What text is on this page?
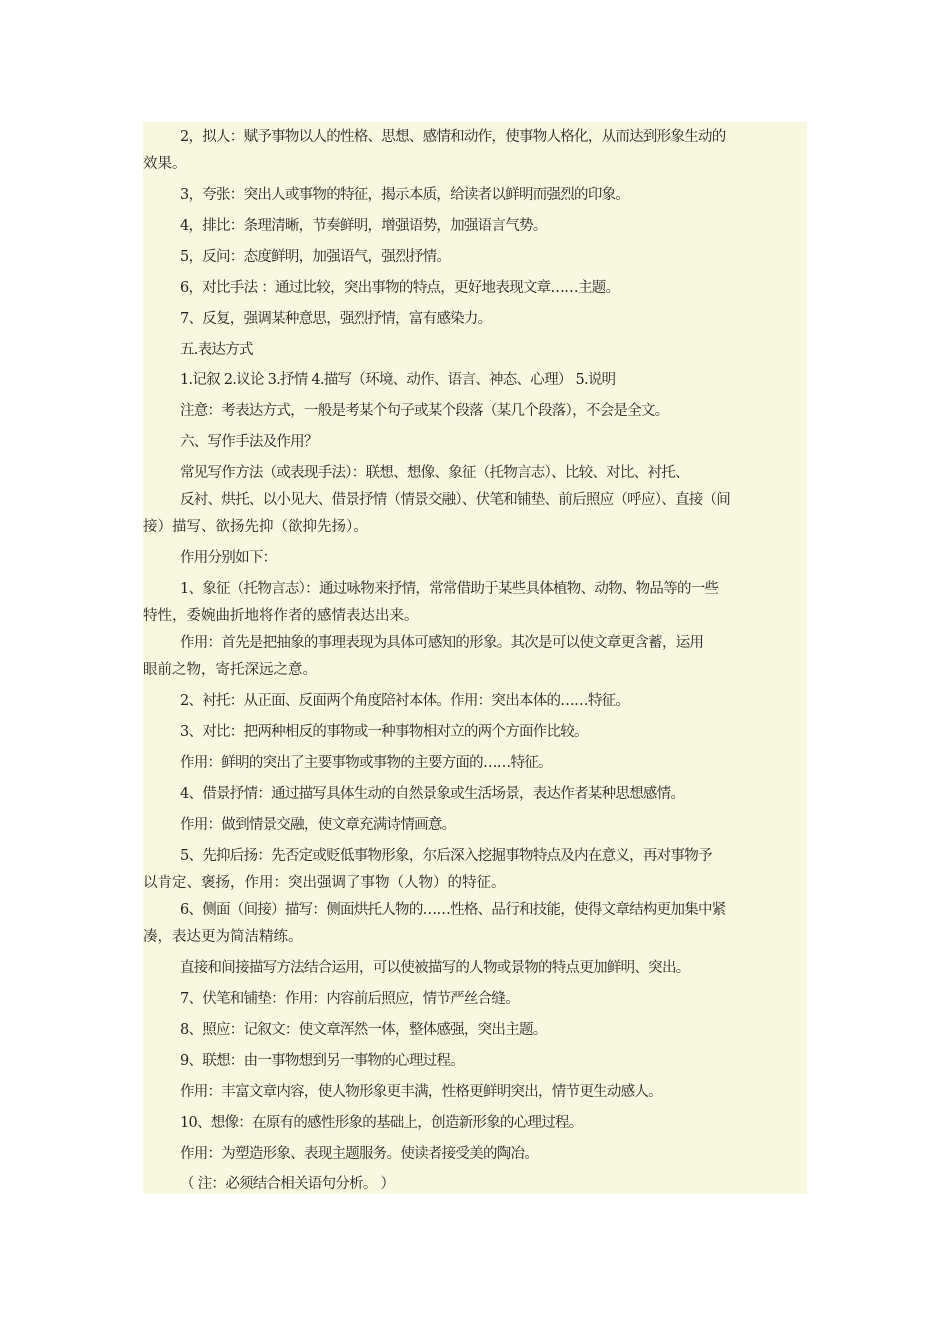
2，拟人：赋予事物以人的性格、思想、感情和动作，使事物人格化，从而达到形象生动的
效果。
3，夸张：突出人或事物的特征，揭示本质，给读者以鲜明而强烈的印象。
4，排比：条理清晰，节奏鲜明，增强语势，加强语言气势。
5，反问：态度鲜明，加强语气，强烈抒情。
6，对比手法 ：通过比较，突出事物的特点，更好地表现文章……主题。
7、反复，强调某种意思，强烈抒情，富有感染力。
五.表达方式
1.记叙 2.议论 3.抒情 4.描写（环境、动作、语言、神态、心理） 5.说明
注意：考表达方式，一般是考某个句子或某个段落（某几个段落），不会是全文。
六、写作手法及作用？
常见写作方法（或表现手法）：联想、想像、象征（托物言志）、比较、对比、衬托、
反衬、烘托、以小见大、借景抒情（情景交融）、伏笔和铺垫、前后照应（呼应）、直接（间
接）描写、欲扬先抑（欲抑先扬）。
作用分别如下：
1、象征（托物言志）：通过咏物来抒情，常常借助于某些具体植物、动物、物品等的一些
特性，委婉曲折地将作者的感情表达出来。
作用：首先是把抽象的事理表现为具体可感知的形象。其次是可以使文章更含蓄，运用
眼前之物，寄托深远之意。
2、衬托：从正面、反面两个角度陪衬本体。作用：突出本体的……特征。
3、对比：把两种相反的事物或一种事物相对立的两个方面作比较。
作用：鲜明的突出了主要事物或事物的主要方面的……特征。
4、借景抒情：通过描写具体生动的自然景象或生活场景，表达作者某种思想感情。
作用：做到情景交融，使文章充满诗情画意。
5、先抑后扬：先否定或贬低事物形象，尔后深入挖掘事物特点及内在意义，再对事物予
以肯定、褒扬，作用：突出强调了事物（人物）的特征。
6、侧面（间接）描写：侧面烘托人物的……性格、品行和技能，使得文章结构更加集中紧
凑，表达更为简洁精练。
直接和间接描写方法结合运用，可以使被描写的人物或景物的特点更加鲜明、突出。
7、伏笔和铺垫：作用：内容前后照应，情节严丝合缝。
8、照应：记叙文：使文章浑然一体，整体感强，突出主题。
9、联想：由一事物想到另一事物的心理过程。
作用：丰富文章内容，使人物形象更丰满，性格更鲜明突出，情节更生动感人。
10、想像：在原有的感性形象的基础上，创造新形象的心理过程。
作用：为塑造形象、表现主题服务。使读者接受美的陶冶。
（ 注：必须结合相关语句分析。 ）
